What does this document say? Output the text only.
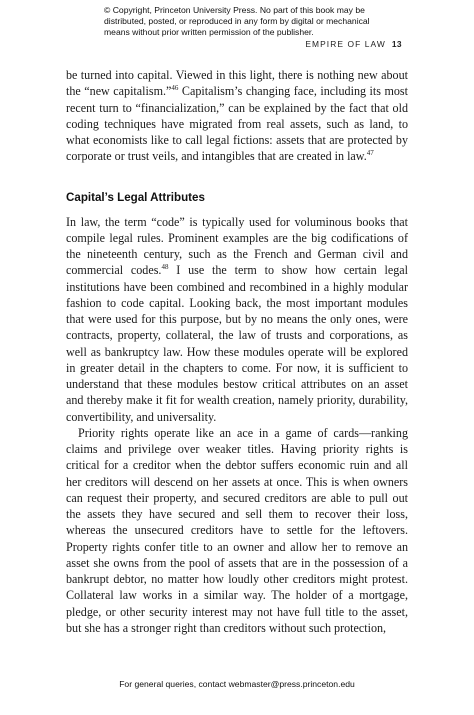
© Copyright, Princeton University Press. No part of this book may be
distributed, posted, or reproduced in any form by digital or mechanical
means without prior written permission of the publisher.
EMPIRE OF LAW 13

be turned into capital. Viewed in this light, there is nothing new about the “new capitalism.”$^{46}$ Capitalism’s changing face, including its most recent turn to “financialization,” can be explained by the fact that old coding techniques have migrated from real assets, such as land, to what economists like to call legal fictions: assets that are protected by corporate or trust veils, and intangibles that are created in law.$^{47}$

Capital’s Legal Attributes

In law, the term “code” is typically used for voluminous books that compile legal rules. Prominent examples are the big codifications of the nineteenth century, such as the French and German civil and commercial codes.$^{48}$ I use the term to show how certain legal institutions have been combined and recombined in a highly modular fashion to code capital. Looking back, the most important modules that were used for this purpose, but by no means the only ones, were contracts, property, collateral, the law of trusts and corporations, as well as bankruptcy law. How these modules operate will be explored in greater detail in the chapters to come. For now, it is sufficient to understand that these modules bestow critical attributes on an asset and thereby make it fit for wealth creation, namely priority, durability, convertibility, and universality.

Priority rights operate like an ace in a game of cards—ranking claims and privilege over weaker titles. Having priority rights is critical for a creditor when the debtor suffers economic ruin and all her creditors will descend on her assets at once. This is when owners can request their property, and secured creditors are able to pull out the assets they have secured and sell them to recover their loss, whereas the unsecured creditors have to settle for the leftovers. Property rights confer title to an owner and allow her to remove an asset she owns from the pool of assets that are in the possession of a bankrupt debtor, no matter how loudly other creditors might protest. Collateral law works in a similar way. The holder of a mortgage, pledge, or other security interest may not have full title to the asset, but she has a stronger right than creditors without such protection,

For general queries, contact webmaster@press.princeton.edu
